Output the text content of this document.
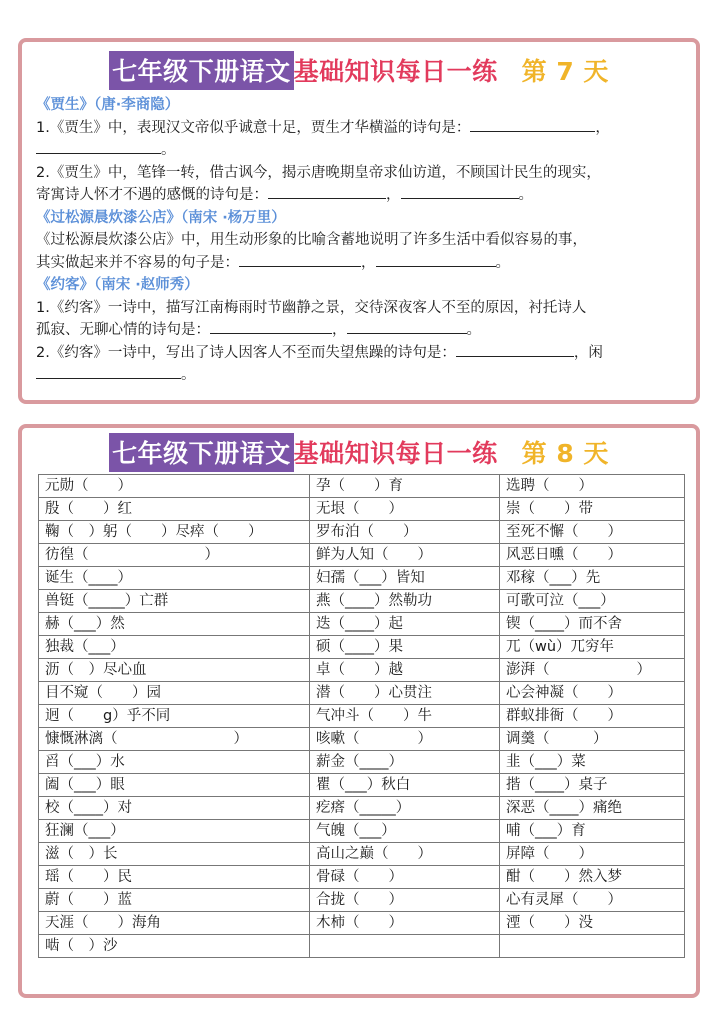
七年级下册语文 基础知识每日一练 第 7 天
《贾生》（唐·李商隐）
1.《贾生》中，表现汉文帝似乎诚意十足，贾生才华横溢的诗句是：	，
。
2.《贾生》中，笔锋一转，借古讽今，揭示唐晚期皇帝求仙访道，不顾国计民生的现实，
寄寓诗人怀才不遇的感慨的诗句是：	，	。
《过松源晨炊漆公店》（南宋 ·杨万里）
《过松源晨炊漆公店》中，用生动形象的比喻含蓄地说明了许多生活中看似容易的事，
其实做起来并不容易的句子是：	，	。
《约客》（南宋 ·赵师秀）
1.《约客》一诗中，描写江南梅雨时节幽静之景，交待深夜客人不至的原因，衬托诗人
孤寂、无聊心情的诗句是：	，	。
2.《约客》一诗中，写出了诗人因客人不至而失望焦躁的诗句是：	，闲
。
七年级下册语文 基础知识每日一练 第 8 天
元勋（　　）	孕（　　）育	选聘（　　）
殷（　　）红	无垠（　　）	崇（　　）带
鞠（　）躬（　　）尽瘁（　　）	罗布泊（　　）	至死不懈（　　）
彷徨（　　　　　　　　）	鲜为人知（　　）	风恶日曛（　　）
诞生（____）	妇孺（___）皆知	邓稼（___）先
兽铤（_____）亡群	燕（____）然勒功	可歌可泣（___）
赫（___）然	迭（____）起	锲（____）而不舍
独裁（___）	硕（____）果	兀（wù）兀穷年
沥（　）尽心血	卓（　　）越	澎湃（　　　　　　）
目不窥（　　）园	潜（　　）心贯注	心会神凝（　　）
迥（　　g）乎不同	气冲斗（　　）牛	群蚁排衙（　　）
慷慨淋漓（　　　　　　　　）	咳嗽（　　　　）	调羹（　　　）
舀（___）水	薪金（____）	韭（___）菜
阖（___）眼	瞿（___）秋白	揩（____）桌子
校（____）对	疙瘩（_____）	深恶（____）痛绝
狂澜（___）	气魄（___）	哺（___）育
滋（　）长	高山之巅（　　）	屏障（　　）
瑶（　　）民	骨碌（　　）	酣（　　）然入梦
蔚（　　）蓝	合拢（　　）	心有灵犀（　　）
天涯（　　）海角	木柿（　　）	湮（　　）没
啮（　）沙		
